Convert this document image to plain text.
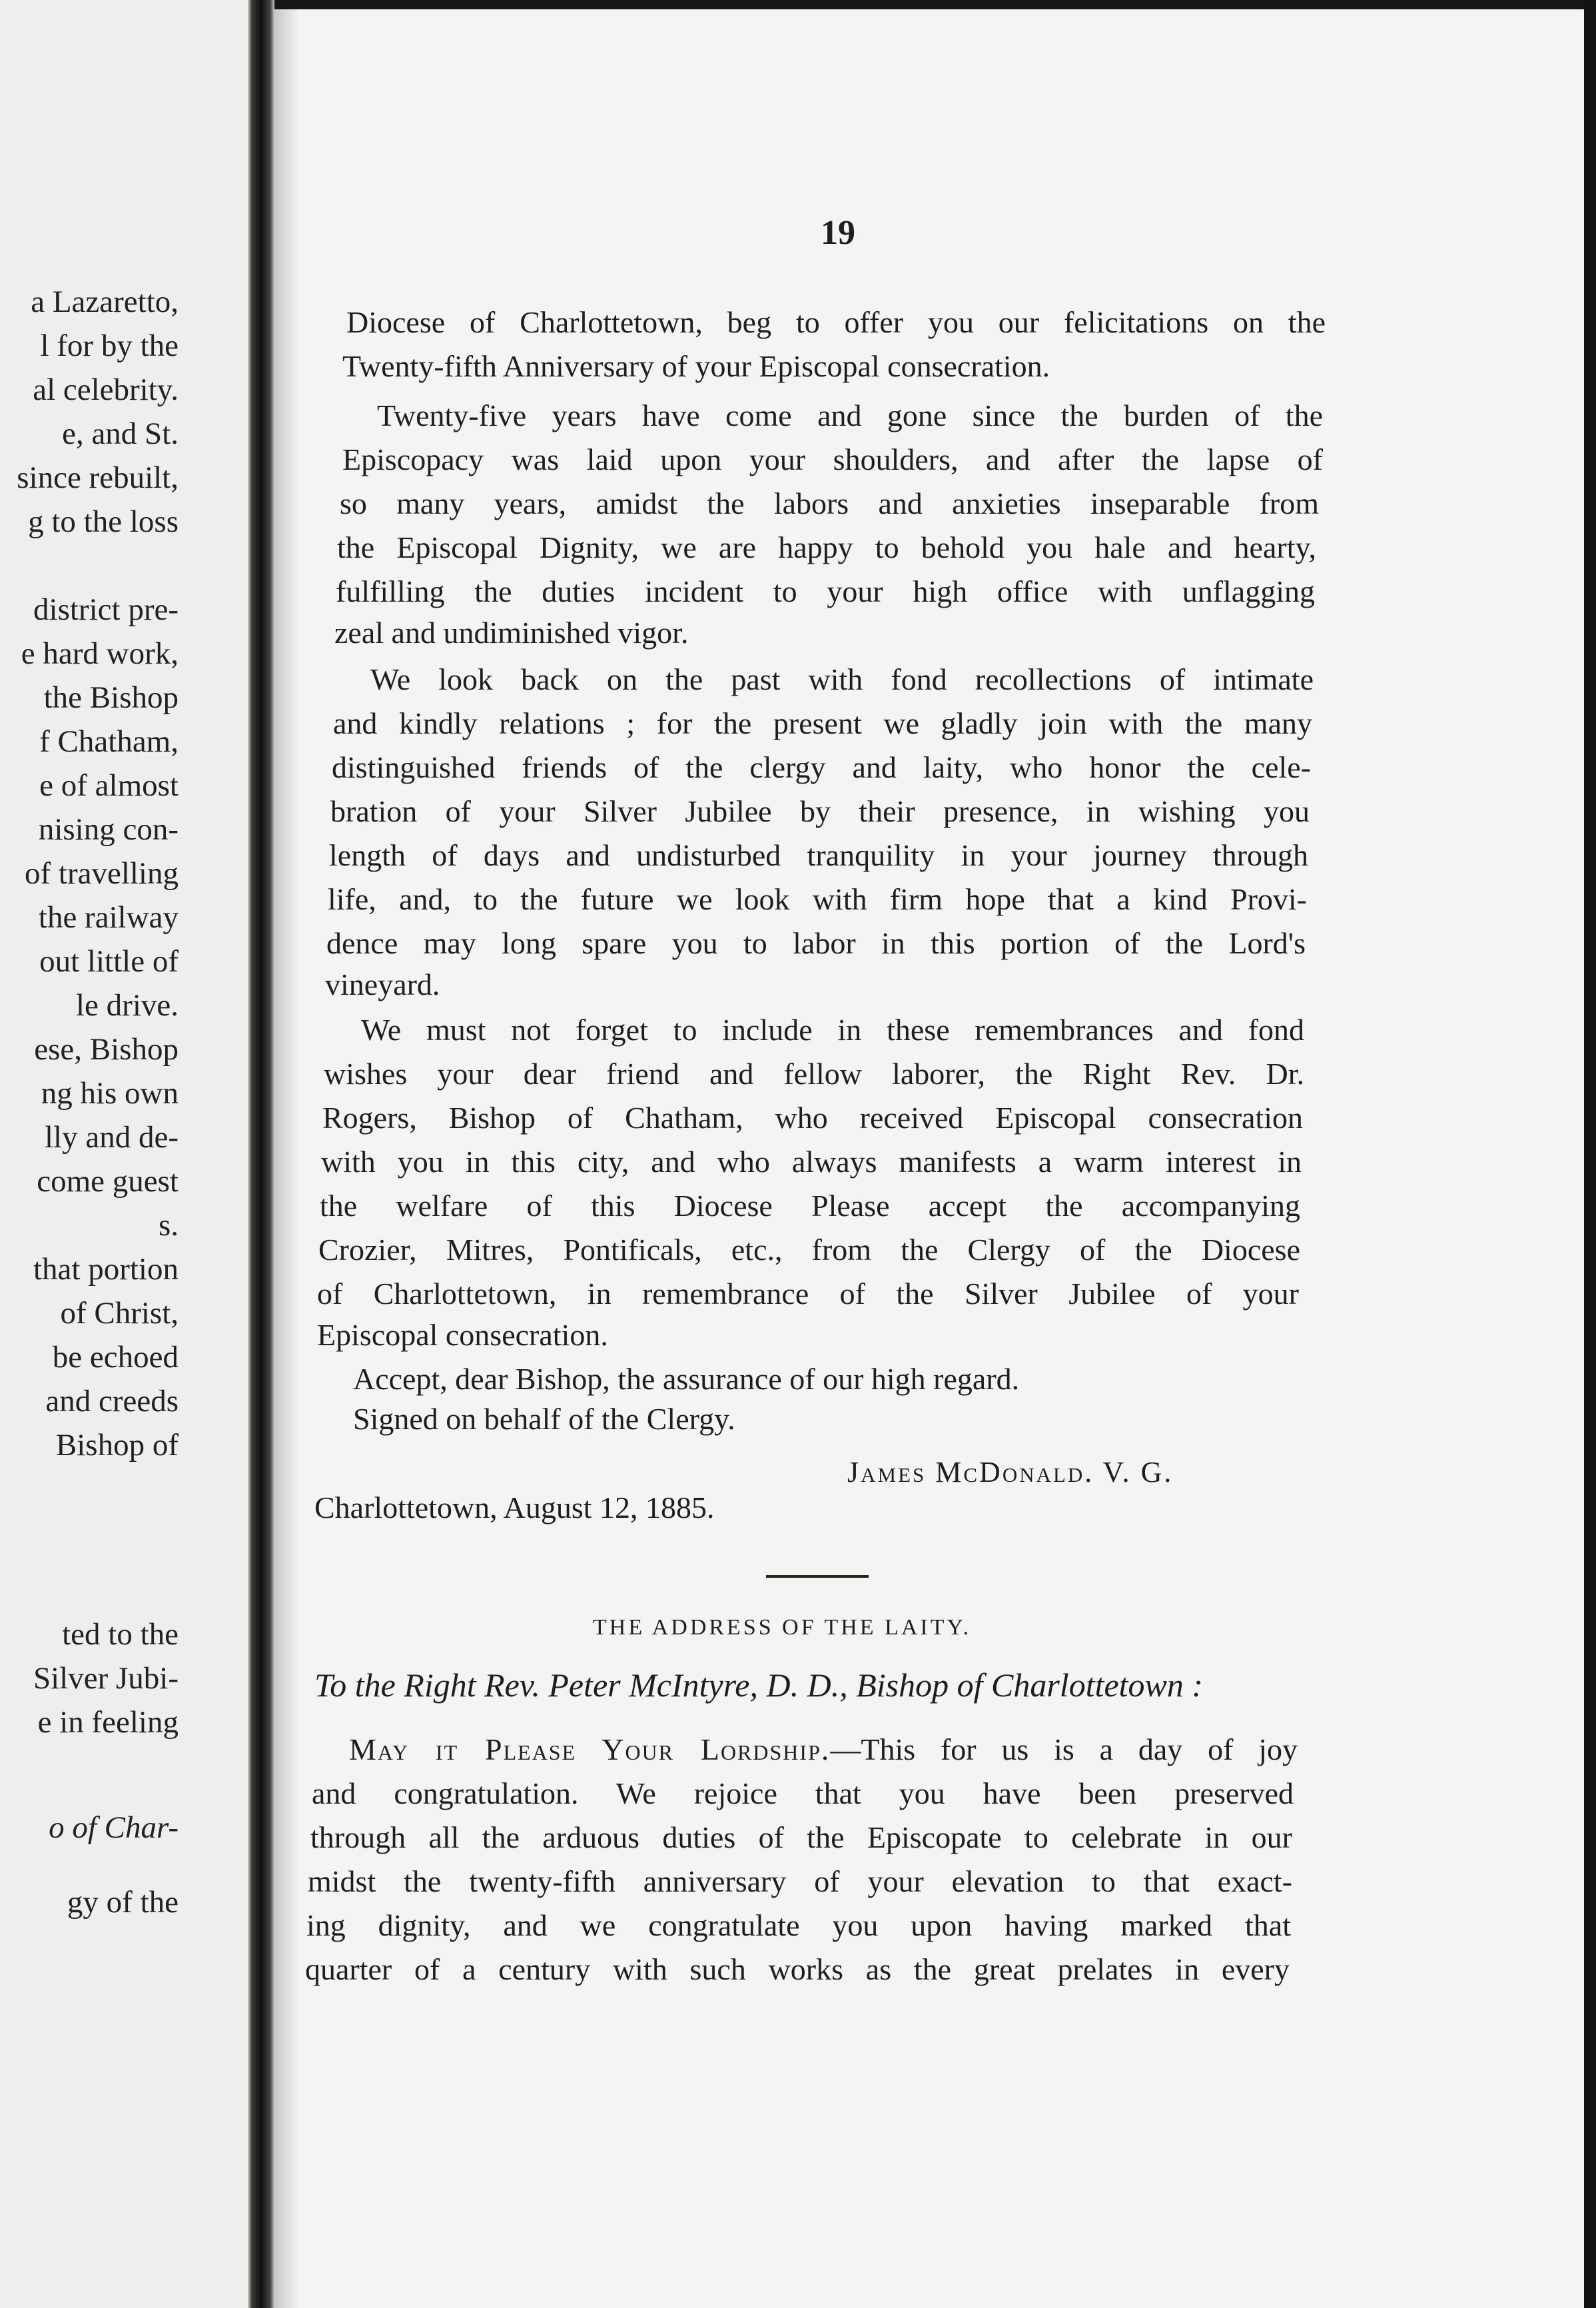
a Lazaretto,
l for by the
al celebrity.
e, and St.
since rebuilt,
g to the loss
district pre-
e hard work,
the Bishop
f Chatham,
e of almost
nising con-
of travelling
the railway
out little of
le drive.
ese, Bishop
ng his own
lly and de-
come guest
s.
that portion
of Christ,
be echoed
and creeds
Bishop of
ted to the
Silver Jubi-
e in feeling
o of Char-
gy of the
19
Diocese of Charlottetown, beg to offer you our felicitations on the
Twenty-fifth Anniversary of your Episcopal consecration.
Twenty-five years have come and gone since the burden of the
Episcopacy was laid upon your shoulders, and after the lapse of
so many years, amidst the labors and anxieties inseparable from
the Episcopal Dignity, we are happy to behold you hale and hearty,
fulfilling the duties incident to your high office with unflagging
zeal and undiminished vigor.
We look back on the past with fond recollections of intimate
and kindly relations ; for the present we gladly join with the many
distinguished friends of the clergy and laity, who honor the cele-
bration of your Silver Jubilee by their presence, in wishing you
length of days and undisturbed tranquility in your journey through
life, and, to the future we look with firm hope that a kind Provi-
dence may long spare you to labor in this portion of the Lord's
vineyard.
We must not forget to include in these remembrances and fond
wishes your dear friend and fellow laborer, the Right Rev. Dr.
Rogers, Bishop of Chatham, who received Episcopal consecration
with you in this city, and who always manifests a warm interest in
the welfare of this Diocese Please accept the accompanying
Crozier, Mitres, Pontificals, etc., from the Clergy of the Diocese
of Charlottetown, in remembrance of the Silver Jubilee of your
Episcopal consecration.
Accept, dear Bishop, the assurance of our high regard.
Signed on behalf of the Clergy.
James McDonald. V. G.
Charlottetown, August 12, 1885.
THE ADDRESS OF THE LAITY.
To the Right Rev. Peter McIntyre, D. D., Bishop of Charlottetown :
May it Please Your Lordship.—This for us is a day of joy
and congratulation. We rejoice that you have been preserved
through all the arduous duties of the Episcopate to celebrate in our
midst the twenty-fifth anniversary of your elevation to that exact-
ing dignity, and we congratulate you upon having marked that
quarter of a century with such works as the great prelates in every
